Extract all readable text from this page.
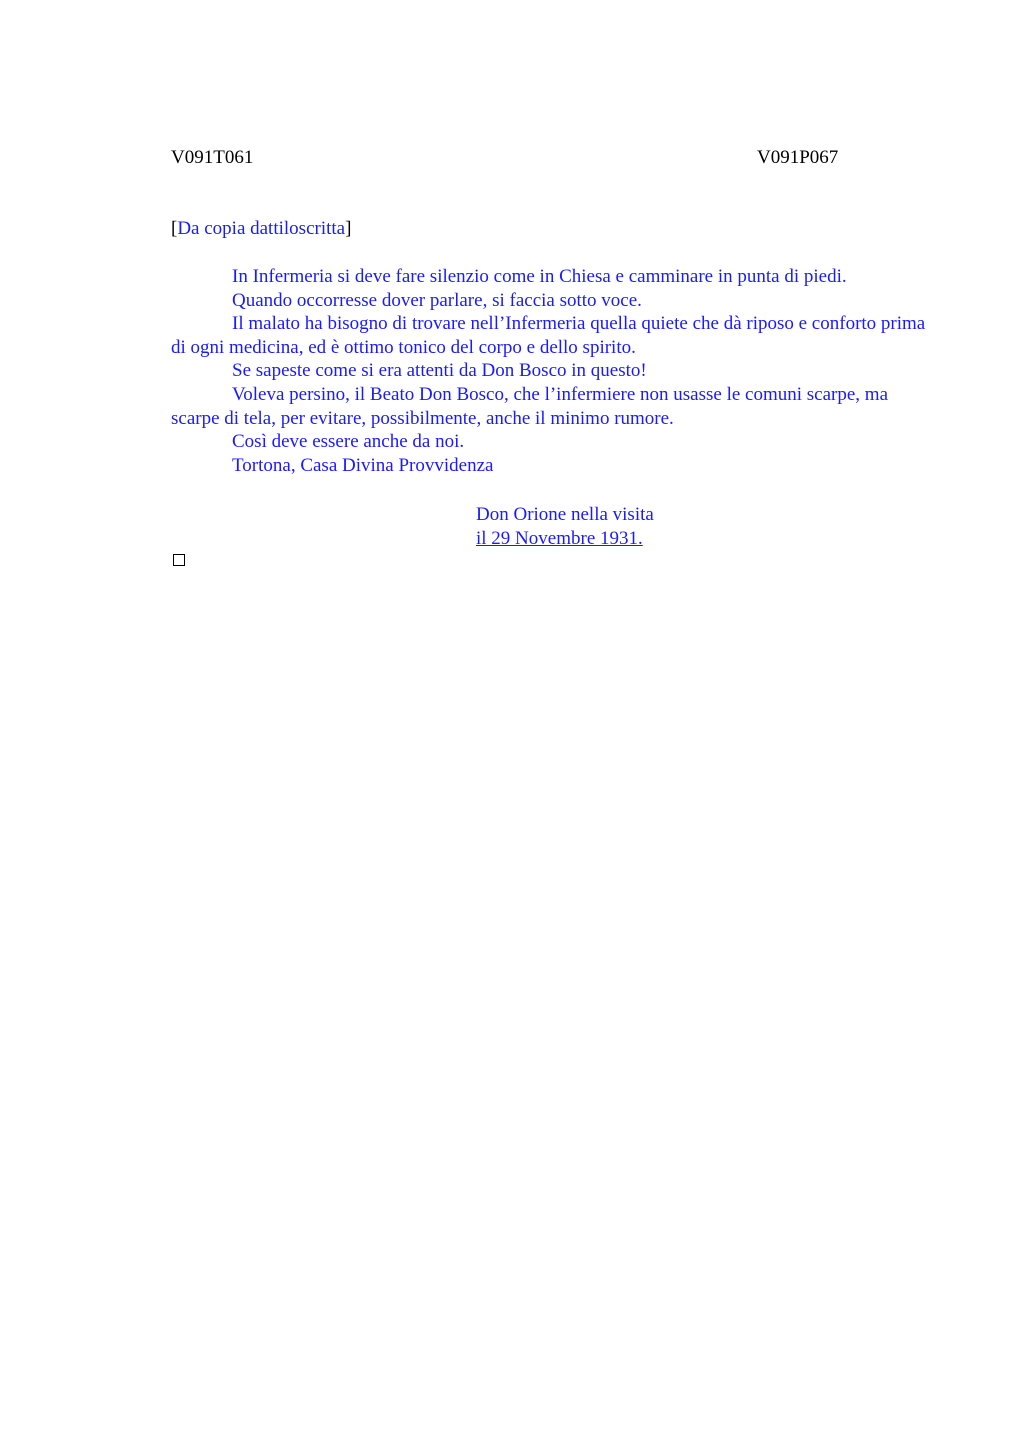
V091T061	V091P067
[Da copia dattiloscritta]

In Infermeria si deve fare silenzio come in Chiesa e camminare in punta di piedi.

Quando occorresse dover parlare, si faccia sotto voce.

Il malato ha bisogno di trovare nell’Infermeria quella quiete che dà riposo e conforto prima di ogni medicina, ed è ottimo tonico del corpo e dello spirito.

Se sapeste come si era attenti da Don Bosco in questo!

Voleva persino, il Beato Don Bosco, che l’infermiere non usasse le comuni scarpe, ma scarpe di tela, per evitare, possibilmente, anche il minimo rumore.

Così deve essere anche da noi.

Tortona, Casa Divina Provvidenza

Don Orione nella visita
il 29 Novembre 1931.
